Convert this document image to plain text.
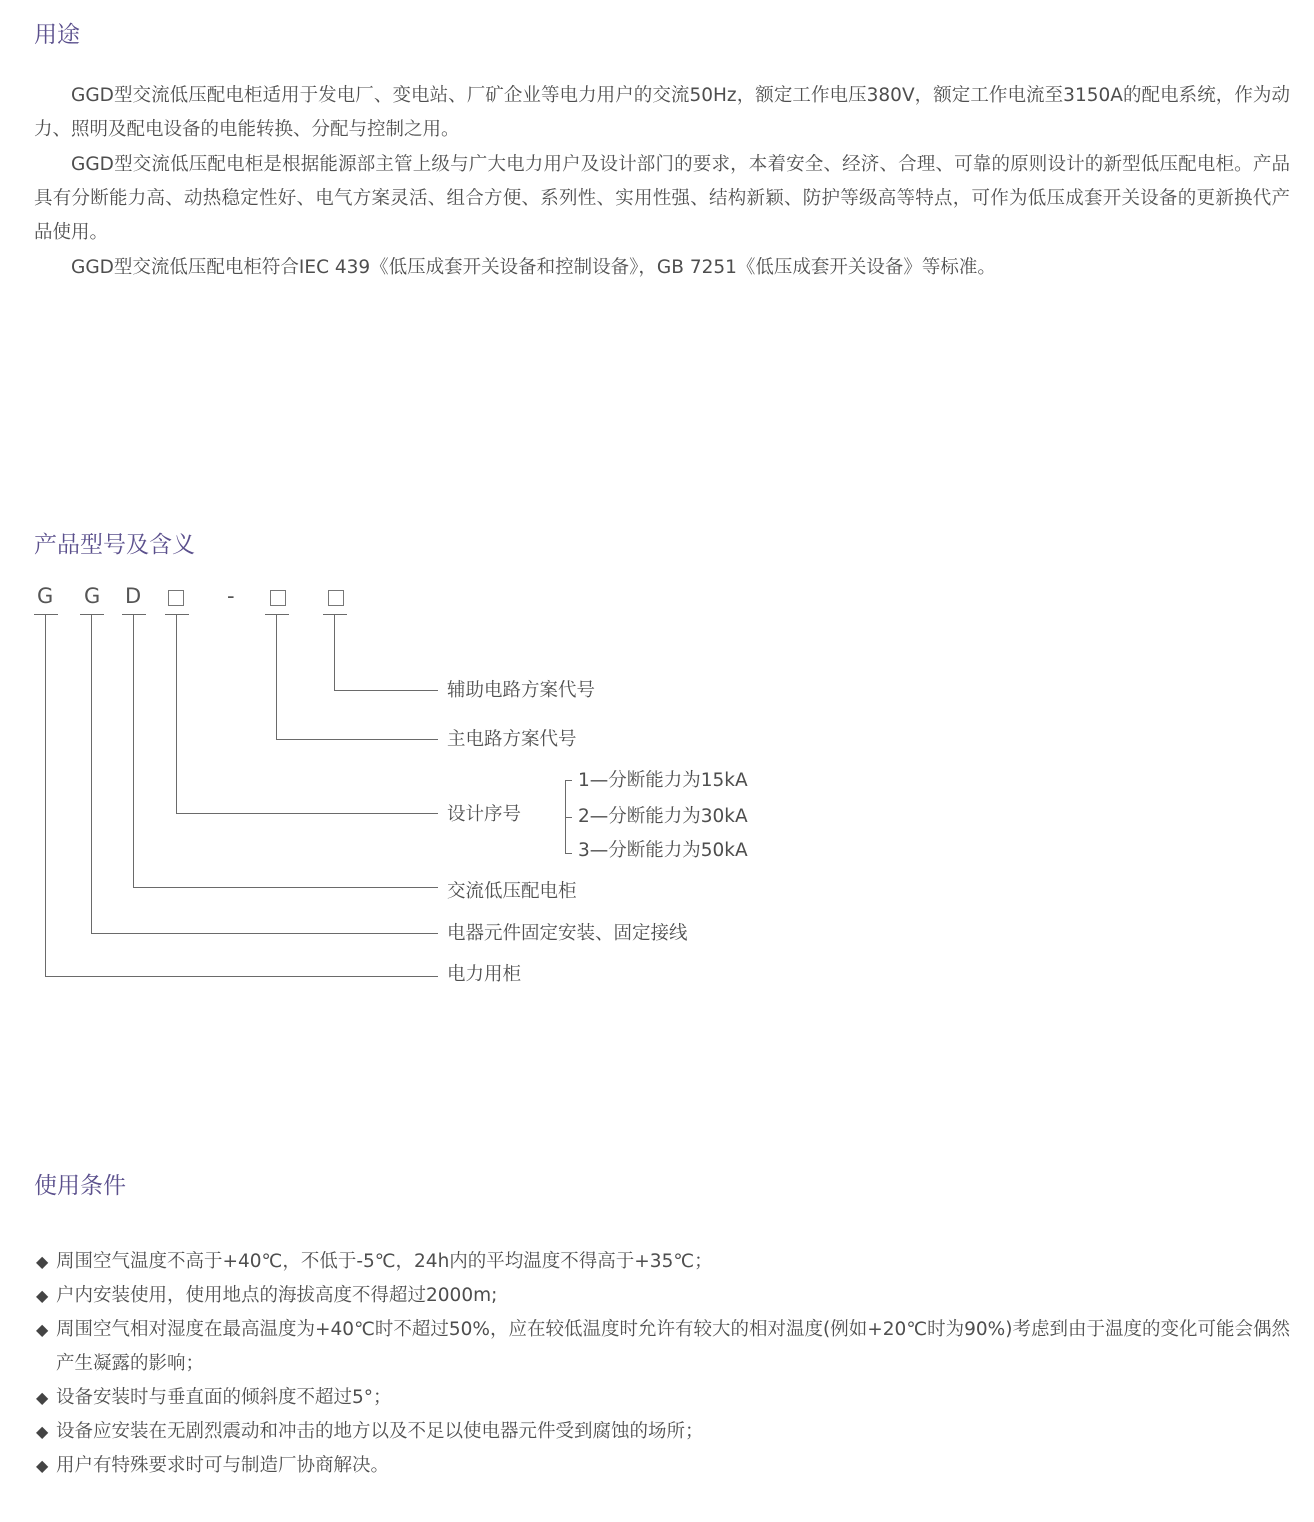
用途

GGD型交流低压配电柜适用于发电厂、变电站、厂矿企业等电力用户的交流50Hz，额定工作电压380V，额定工作电流至3150A的配电系统，作为动力、照明及配电设备的电能转换、分配与控制之用。

GGD型交流低压配电柜是根据能源部主管上级与广大电力用户及设计部门的要求，本着安全、经济、合理、可靠的原则设计的新型低压配电柜。产品具有分断能力高、动热稳定性好、电气方案灵活、组合方便、系列性、实用性强、结构新颖、防护等级高等特点，可作为低压成套开关设备的更新换代产品使用。

GGD型交流低压配电柜符合IEC 439《低压成套开关设备和控制设备》，GB 7251《低压成套开关设备》等标准。

产品型号及含义
G G D	-
辅助电路方案代号
主电路方案代号
设计序号
1—分断能力为15kA
2—分断能力为30kA
3—分断能力为50kA
交流低压配电柜
电器元件固定安装、固定接线
电力用柜
使用条件
◆ 周围空气温度不高于+40℃，不低于-5℃，24h内的平均温度不得高于+35℃；
◆ 户内安装使用，使用地点的海拔高度不得超过2000m;
◆ 周围空气相对湿度在最高温度为+40℃时不超过50%，应在较低温度时允许有较大的相对温度(例如+20℃时为90%)考虑到由于温度的变化可能会偶然产生凝露的影响；
◆ 设备安装时与垂直面的倾斜度不超过5°；
◆ 设备应安装在无剧烈震动和冲击的地方以及不足以使电器元件受到腐蚀的场所；
◆ 用户有特殊要求时可与制造厂协商解决。
